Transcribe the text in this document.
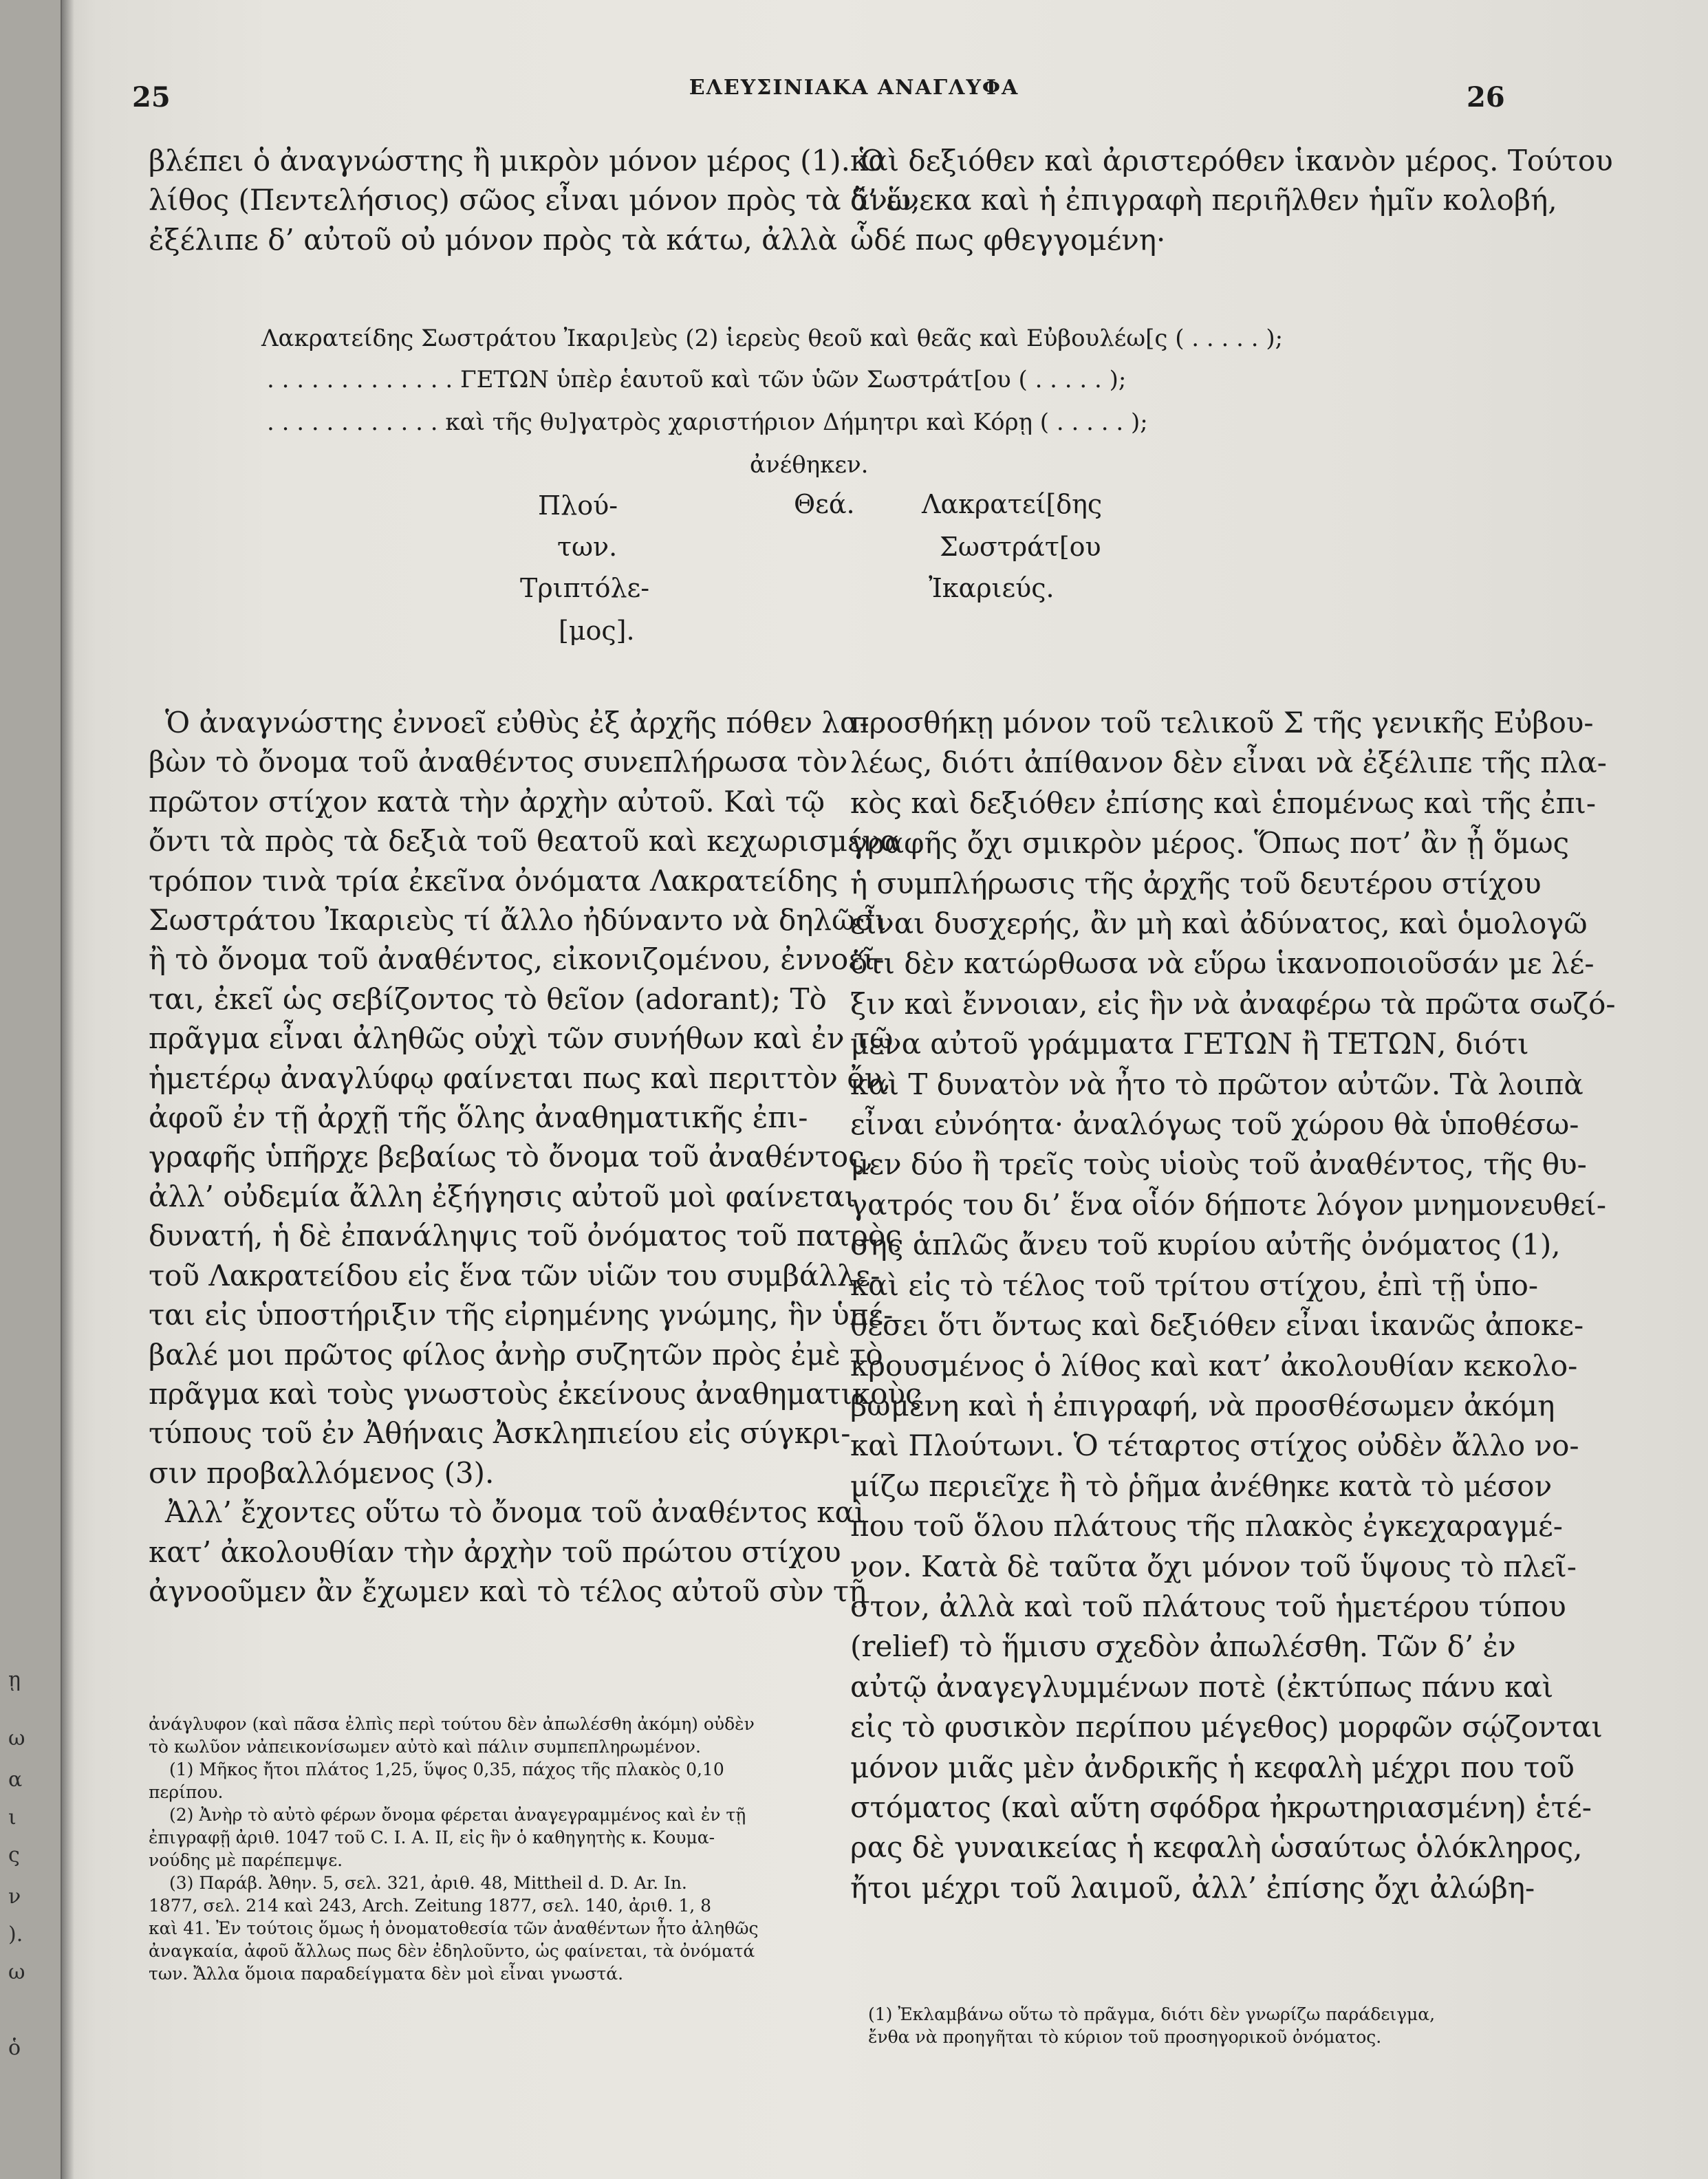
ῃ
ω
α
ι
ς
ν
).
ω
ὁ
25	ΕΛΕΥΣΙΝΙΑΚΑ ΑΝΑΓΛΥΦΑ	26
βλέπει ὁ ἀναγνώστης ἢ μικρὸν μόνον μέρος (1). Ὁ
λίθος (Πεντελήσιος) σῶος εἶναι μόνον πρὸς τὰ ἄνω,
ἐξέλιπε δ’ αὐτοῦ οὐ μόνον πρὸς τὰ κάτω, ἀλλὰ
καὶ δεξιόθεν καὶ ἀριστερόθεν ἱκανὸν μέρος. Τούτου
δ’ ἕνεκα καὶ ἡ ἐπιγραφὴ περιῆλθεν ἡμῖν κολοβή,
ὧδέ πως φθεγγομένη·
Λακρατείδης Σωστράτου Ἰκαρι]εὺς (2) ἱερεὺς θεοῦ καὶ θεᾶς καὶ Εὐβουλέω[ς ( . . . . . );
. . . . . . . . . . . . . ΓΕΤΩΝ ὑπὲρ ἑαυτοῦ καὶ τῶν ὑῶν Σωστράτ[ου ( . . . . . );
. . . . . . . . . . . . καὶ τῆς θυ]γατρὸς χαριστήριον Δήμητρι καὶ Κόρῃ ( . . . . . );
ἀνέθηκεν.
Πλού-
των.
Τριπτόλε-
[μος].
Θεά.	Λακρατεί[δης
Σωστράτ[ου
Ἰκαριεύς.
Ὁ ἀναγνώστης ἐννοεῖ εὐθὺς ἐξ ἀρχῆς πόθεν λα-
βὼν τὸ ὄνομα τοῦ ἀναθέντος συνεπλήρωσα τὸν
πρῶτον στίχον κατὰ τὴν ἀρχὴν αὐτοῦ. Καὶ τῷ
ὄντι τὰ πρὸς τὰ δεξιὰ τοῦ θεατοῦ καὶ κεχωρισμένα
τρόπον τινὰ τρία ἐκεῖνα ὀνόματα Λακρατείδης
Σωστράτου Ἰκαριεὺς τί ἄλλο ἠδύναντο νὰ δηλῶσι
ἢ τὸ ὄνομα τοῦ ἀναθέντος, εἰκονιζομένου, ἐννοεῖ-
ται, ἐκεῖ ὡς σεβίζοντος τὸ θεῖον (adorant); Τὸ
πρᾶγμα εἶναι ἀληθῶς οὐχὶ τῶν συνήθων καὶ ἐν τῷ
ἡμετέρῳ ἀναγλύφῳ φαίνεται πως καὶ περιττὸν ὄν,
ἀφοῦ ἐν τῇ ἀρχῇ τῆς ὅλης ἀναθηματικῆς ἐπι-
γραφῆς ὑπῆρχε βεβαίως τὸ ὄνομα τοῦ ἀναθέντος,
ἀλλ’ οὐδεμία ἄλλη ἐξήγησις αὐτοῦ μοὶ φαίνεται
δυνατή, ἡ δὲ ἐπανάληψις τοῦ ὀνόματος τοῦ πατρὸς
τοῦ Λακρατείδου εἰς ἕνα τῶν υἱῶν του συμβάλλε-
ται εἰς ὑποστήριξιν τῆς εἰρημένης γνώμης, ἣν ὑπέ-
βαλέ μοι πρῶτος φίλος ἀνὴρ συζητῶν πρὸς ἐμὲ τὸ
πρᾶγμα καὶ τοὺς γνωστοὺς ἐκείνους ἀναθηματικοὺς
τύπους τοῦ ἐν Ἀθήναις Ἀσκληπιείου εἰς σύγκρι-
σιν προβαλλόμενος (3).
Ἀλλ’ ἔχοντες οὕτω τὸ ὄνομα τοῦ ἀναθέντος καὶ
κατ’ ἀκολουθίαν τὴν ἀρχὴν τοῦ πρώτου στίχου
ἀγνοοῦμεν ἂν ἔχωμεν καὶ τὸ τέλος αὐτοῦ σὺν τῇ
προσθήκῃ μόνον τοῦ τελικοῦ Σ τῆς γενικῆς Εὐβου-
λέως, διότι ἀπίθανον δὲν εἶναι νὰ ἐξέλιπε τῆς πλα-
κὸς καὶ δεξιόθεν ἐπίσης καὶ ἑπομένως καὶ τῆς ἐπι-
γραφῆς ὄχι σμικρὸν μέρος. Ὅπως ποτ’ ἂν ᾖ ὅμως
ἡ συμπλήρωσις τῆς ἀρχῆς τοῦ δευτέρου στίχου
εἶναι δυσχερής, ἂν μὴ καὶ ἀδύνατος, καὶ ὁμολογῶ
ὅτι δὲν κατώρθωσα νὰ εὕρω ἱκανοποιοῦσάν με λέ-
ξιν καὶ ἔννοιαν, εἰς ἣν νὰ ἀναφέρω τὰ πρῶτα σωζό-
μενα αὐτοῦ γράμματα ΓΕΤΩΝ ἢ ΤΕΤΩΝ, διότι
καὶ Τ δυνατὸν νὰ ἦτο τὸ πρῶτον αὐτῶν. Τὰ λοιπὰ
εἶναι εὐνόητα· ἀναλόγως τοῦ χώρου θὰ ὑποθέσω-
μεν δύο ἢ τρεῖς τοὺς υἱοὺς τοῦ ἀναθέντος, τῆς θυ-
γατρός του δι’ ἕνα οἷόν δήποτε λόγον μνημονευθεί-
σης ἁπλῶς ἄνευ τοῦ κυρίου αὐτῆς ὀνόματος (1),
καὶ εἰς τὸ τέλος τοῦ τρίτου στίχου, ἐπὶ τῇ ὑπο-
θέσει ὅτι ὄντως καὶ δεξιόθεν εἶναι ἱκανῶς ἀποκε-
κρουσμένος ὁ λίθος καὶ κατ’ ἀκολουθίαν κεκολο-
βωμένη καὶ ἡ ἐπιγραφή, νὰ προσθέσωμεν ἀκόμη
καὶ Πλούτωνι. Ὁ τέταρτος στίχος οὐδὲν ἄλλο νο-
μίζω περιεῖχε ἢ τὸ ῥῆμα ἀνέθηκε κατὰ τὸ μέσον
που τοῦ ὅλου πλάτους τῆς πλακὸς ἐγκεχαραγμέ-
νον. Κατὰ δὲ ταῦτα ὄχι μόνον τοῦ ὕψους τὸ πλεῖ-
στον, ἀλλὰ καὶ τοῦ πλάτους τοῦ ἡμετέρου τύπου
(relief) τὸ ἥμισυ σχεδὸν ἀπωλέσθη. Τῶν δ’ ἐν
αὐτῷ ἀναγεγλυμμένων ποτὲ (ἐκτύπως πάνυ καὶ
εἰς τὸ φυσικὸν περίπου μέγεθος) μορφῶν σῴζονται
μόνον μιᾶς μὲν ἀνδρικῆς ἡ κεφαλὴ μέχρι που τοῦ
στόματος (καὶ αὕτη σφόδρα ἠκρωτηριασμένη) ἑτέ-
ρας δὲ γυναικείας ἡ κεφαλὴ ὡσαύτως ὁλόκληρος,
ἤτοι μέχρι τοῦ λαιμοῦ, ἀλλ’ ἐπίσης ὄχι ἀλώβη-
ἀνάγλυφον (καὶ πᾶσα ἐλπὶς περὶ τούτου δὲν ἀπωλέσθη ἀκόμη) οὐδὲν
τὸ κωλῦον νἀπεικονίσωμεν αὐτὸ καὶ πάλιν συμπεπληρωμένον.
(1) Μῆκος ἤτοι πλάτος 1,25, ὕψος 0,35, πάχος τῆς πλακὸς 0,10
περίπου.
(2) Ἀνὴρ τὸ αὐτὸ φέρων ὄνομα φέρεται ἀναγεγραμμένος καὶ ἐν τῇ
ἐπιγραφῇ ἀριθ. 1047 τοῦ C. I. A. II, εἰς ἣν ὁ καθηγητὴς κ. Κουμα-
νούδης μὲ παρέπεμψε.
(3) Παράβ. Ἀθην. 5, σελ. 321, ἀριθ. 48, Mittheil d. D. Ar. In.
1877, σελ. 214 καὶ 243, Arch. Zeitung 1877, σελ. 140, ἀριθ. 1, 8
καὶ 41. Ἐν τούτοις ὅμως ἡ ὀνοματοθεσία τῶν ἀναθέντων ἦτο ἀληθῶς
ἀναγκαία, ἀφοῦ ἄλλως πως δὲν ἐδηλοῦντο, ὡς φαίνεται, τὰ ὀνόματά
των. Ἄλλα ὅμοια παραδείγματα δὲν μοὶ εἶναι γνωστά.
(1) Ἐκλαμβάνω οὕτω τὸ πρᾶγμα, διότι δὲν γνωρίζω παράδειγμα,
ἔνθα νὰ προηγῆται τὸ κύριον τοῦ προσηγορικοῦ ὀνόματος.
